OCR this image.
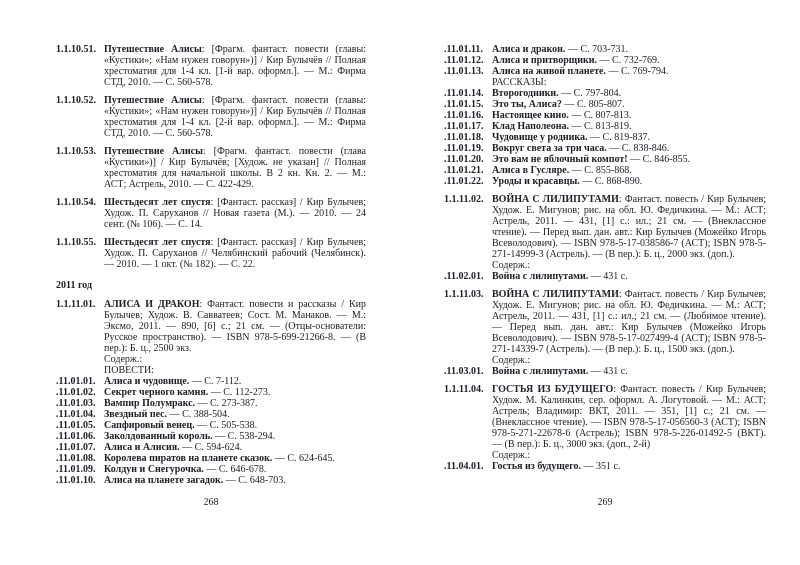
1.1.10.51. Путешествие Алисы: [Фрагм. фантаст. повести (главы: «Кустики»; «Нам нужен говорун»)] / Кир Булычёв // Полная хрестоматия для 1-4 кл. [1-й вар. оформл.]. — М.: Фирма СТД, 2010. — С. 560-578.
1.1.10.52. Путешествие Алисы: [Фрагм. фантаст. повести (главы: «Кустики»; «Нам нужен говорун»)] / Кир Булычёв // Полная хрестоматия для 1-4 кл. [2-й вар. оформл.]. — М.: Фирма СТД, 2010. — С. 560-578.
1.1.10.53. Путешествие Алисы: [Фрагм. фантаст. повести (глава «Кустики»)] / Кир Булычёв; [Худож. не указан] // Полная хрестоматия для начальной школы. В 2 кн. Кн. 2. — М.: АСТ; Астрель, 2010. — С. 422-429.
1.1.10.54. Шестьдесят лет спустя: [Фантаст. рассказ] / Кир Булычев; Худож. П. Саруханов // Новая газета (М.). — 2010. — 24 сент. (№ 106). — С. 14.
1.1.10.55. Шестьдесят лет спустя: [Фантаст. рассказ] / Кир Булычев; Худож. П. Саруханов // Челябинский рабочий (Челябинск). — 2010. — 1 окт. (№ 182). — С. 22.
2011 год
1.1.11.01. АЛИСА И ДРАКОН: Фантаст. повести и рассказы / Кир Булычев; Худож. В. Савватеев; Сост. М. Манаков. — М.: Эксмо, 2011. — 890, [6] с.; 21 см. — (Отцы-основатели: Русское пространство). — ISBN 978-5-699-21266-8. — (В пер.): Б. ц., 2500 экз.
Содерж.:
ПОВЕСТИ:
.11.01.01. Алиса и чудовище. — С. 7-112.
.11.01.02. Секрет черного камня. — С. 112-273.
.11.01.03. Вампир Полумракс. — С. 273-387.
.11.01.04. Звездный пес. — С. 388-504.
.11.01.05. Сапфировый венец. — С. 505-538.
.11.01.06. Заколдованный король. — С. 538-294.
.11.01.07. Алиса и Алисия. — С. 594-624.
.11.01.08. Королева пиратов на планете сказок. — С. 624-645.
.11.01.09. Колдун и Снегурочка. — С. 646-678.
.11.01.10. Алиса на планете загадок. — С. 648-703.
.11.01.11. Алиса и дракон. — С. 703-731.
.11.01.12. Алиса и притворщики. — С. 732-769.
.11.01.13. Алиса на живой планете. — С. 769-794.
РАССКАЗЫ:
.11.01.14. Второгодники. — С. 797-804.
.11.01.15. Это ты, Алиса? — С. 805-807.
.11.01.16. Настоящее кино. — С. 807-813.
.11.01.17. Клад Наполеона. — С. 813-819.
.11.01.18. Чудовище у родника. — С. 819-837.
.11.01.19. Вокруг света за три часа. — С. 838-846.
.11.01.20. Это вам не яблочный компот! — С. 846-855.
.11.01.21. Алиса в Гусляре. — С. 855-868.
.11.01.22. Уроды и красавцы. — С. 868-890.
1.1.11.02. ВОЙНА С ЛИЛИПУТАМИ: Фантаст. повесть / Кир Булычев; Худож. Е. Мигунов; рис. на обл. Ю. Федичкина. — М.: АСТ; Астрель, 2011. — 431, [1] с.: ил.; 21 см. — (Внеклассное чтение). — Перед вып. дан. авт.: Кир Булычев (Можейко Игорь Всеволодович). — ISBN 978-5-17-038586-7 (АСТ); ISBN 978-5-271-14999-3 (Астрель). — (В пер.): Б. ц., 2000 экз. (доп.).
Содерж.:
.11.02.01. Война с лилипутами. — 431 с.
1.1.11.03. ВОЙНА С ЛИЛИПУТАМИ: Фантаст. повесть / Кир Булычев; Худож. Е. Мигунов; рис. на обл. Ю. Федичкина. — М.: АСТ; Астрель, 2011. — 431, [1] с.: ил.; 21 см. — (Любимое чтение). — Перед вып. дан. авт.: Кир Булычев (Можейко Игорь Всеволодович). — ISBN 978-5-17-027499-4 (АСТ); ISBN 978-5-271-14339-7 (Астрель). — (В пер.): Б. ц., 1500 экз. (доп.).
Содерж.:
.11.03.01. Война с лилипутами. — 431 с.
1.1.11.04. ГОСТЬЯ ИЗ БУДУЩЕГО: Фантаст. повесть / Кир Булычев; Худож. М. Калинкин, сер. оформл. А. Логутовой. — М.: АСТ; Астрель; Владимир: ВКТ, 2011. — 351, [1] с.; 21 см. — (Внеклассное чтение). — ISBN 978-5-17-056560-3 (АСТ); ISBN 978-5-271-22678-6 (Астрель); ISBN 978-5-226-01492-5 (ВКТ). — (В пер.): Б. ц., 3000 экз. (доп., 2-й)
Содерж.:
.11.04.01. Гостья из будущего. — 351 с.
268	269
